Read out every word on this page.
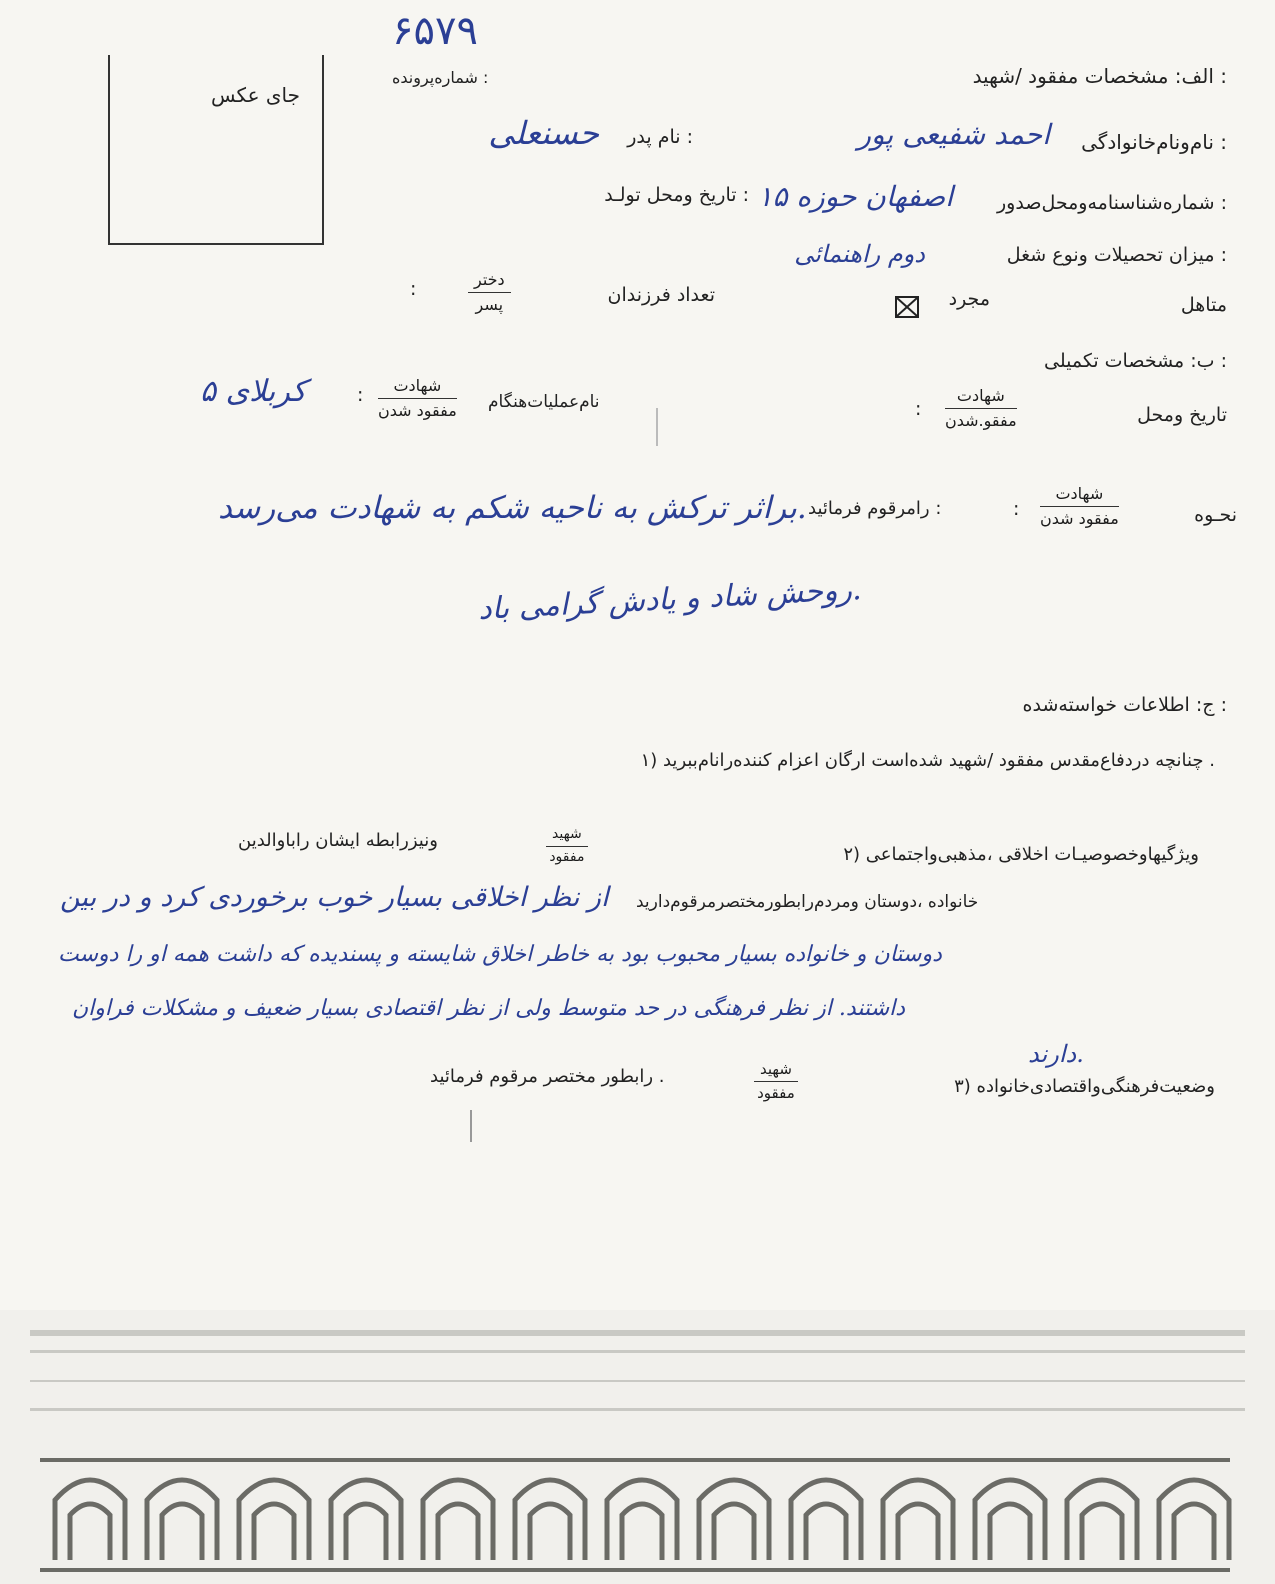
۶۵۷۹
شماره‌پرونده :
جای عکس
الف: مشخصات مفقود /شهید :
نام‌ونام‌خانوادگی :
احمد شفیعی پور
نام پدر :
حسنعلی
شماره‌شناسنامه‌ومحل‌صدور :
اصفهان حوزه ۱۵
تاریخ ومحل تولـد :
میزان تحصیلات ونوع شغل :
دوم راهنمائی
متاهل
مجرد
تعداد فرزندان
دختر
پسر
:
ب: مشخصات تکمیلی :
تاریخ ومحل
شهادت
مفقو.شدن
:
نام‌عملیات‌هنگام
شهادت
مفقود شدن
:
کربلای ۵
نحـوه
شهادت
مفقود شدن
:
رامرقوم فرمائید :
براثر ترکش به ناحیه شکم به شهادت می‌رسد.
روحش شاد و یادش گرامی باد.
ج: اطلاعات خواسته‌شده :
۱) چنانچه دردفاع‌مقدس مفقود /شهید شده‌است ارگان اعزام کننده‌رانام‌ببرید .
۲) ویژگیهاوخصوصیـات اخلاقی ،مذهبی‌واجتماعی
شهید
مفقود
ونیزرابطه ایشان راباوالدین
خانواده ،دوستان ومردم‌رابطورمختصرمرقوم‌دارید
از نظر اخلاقی بسیار خوب برخوردی کرد و در بین
دوستان و خانواده بسیار محبوب بود به خاطر اخلاق شایسته و پسندیده که داشت همه او را دوست
داشتند. از نظر فرهنگی در حد متوسط ولی از نظر اقتصادی بسیار ضعیف و مشکلات فراوان
دارند.
۳) وضعیت‌فرهنگی‌واقتصادی‌خانواده
شهید
مفقود
رابطور مختصر مرقوم فرمائید .
